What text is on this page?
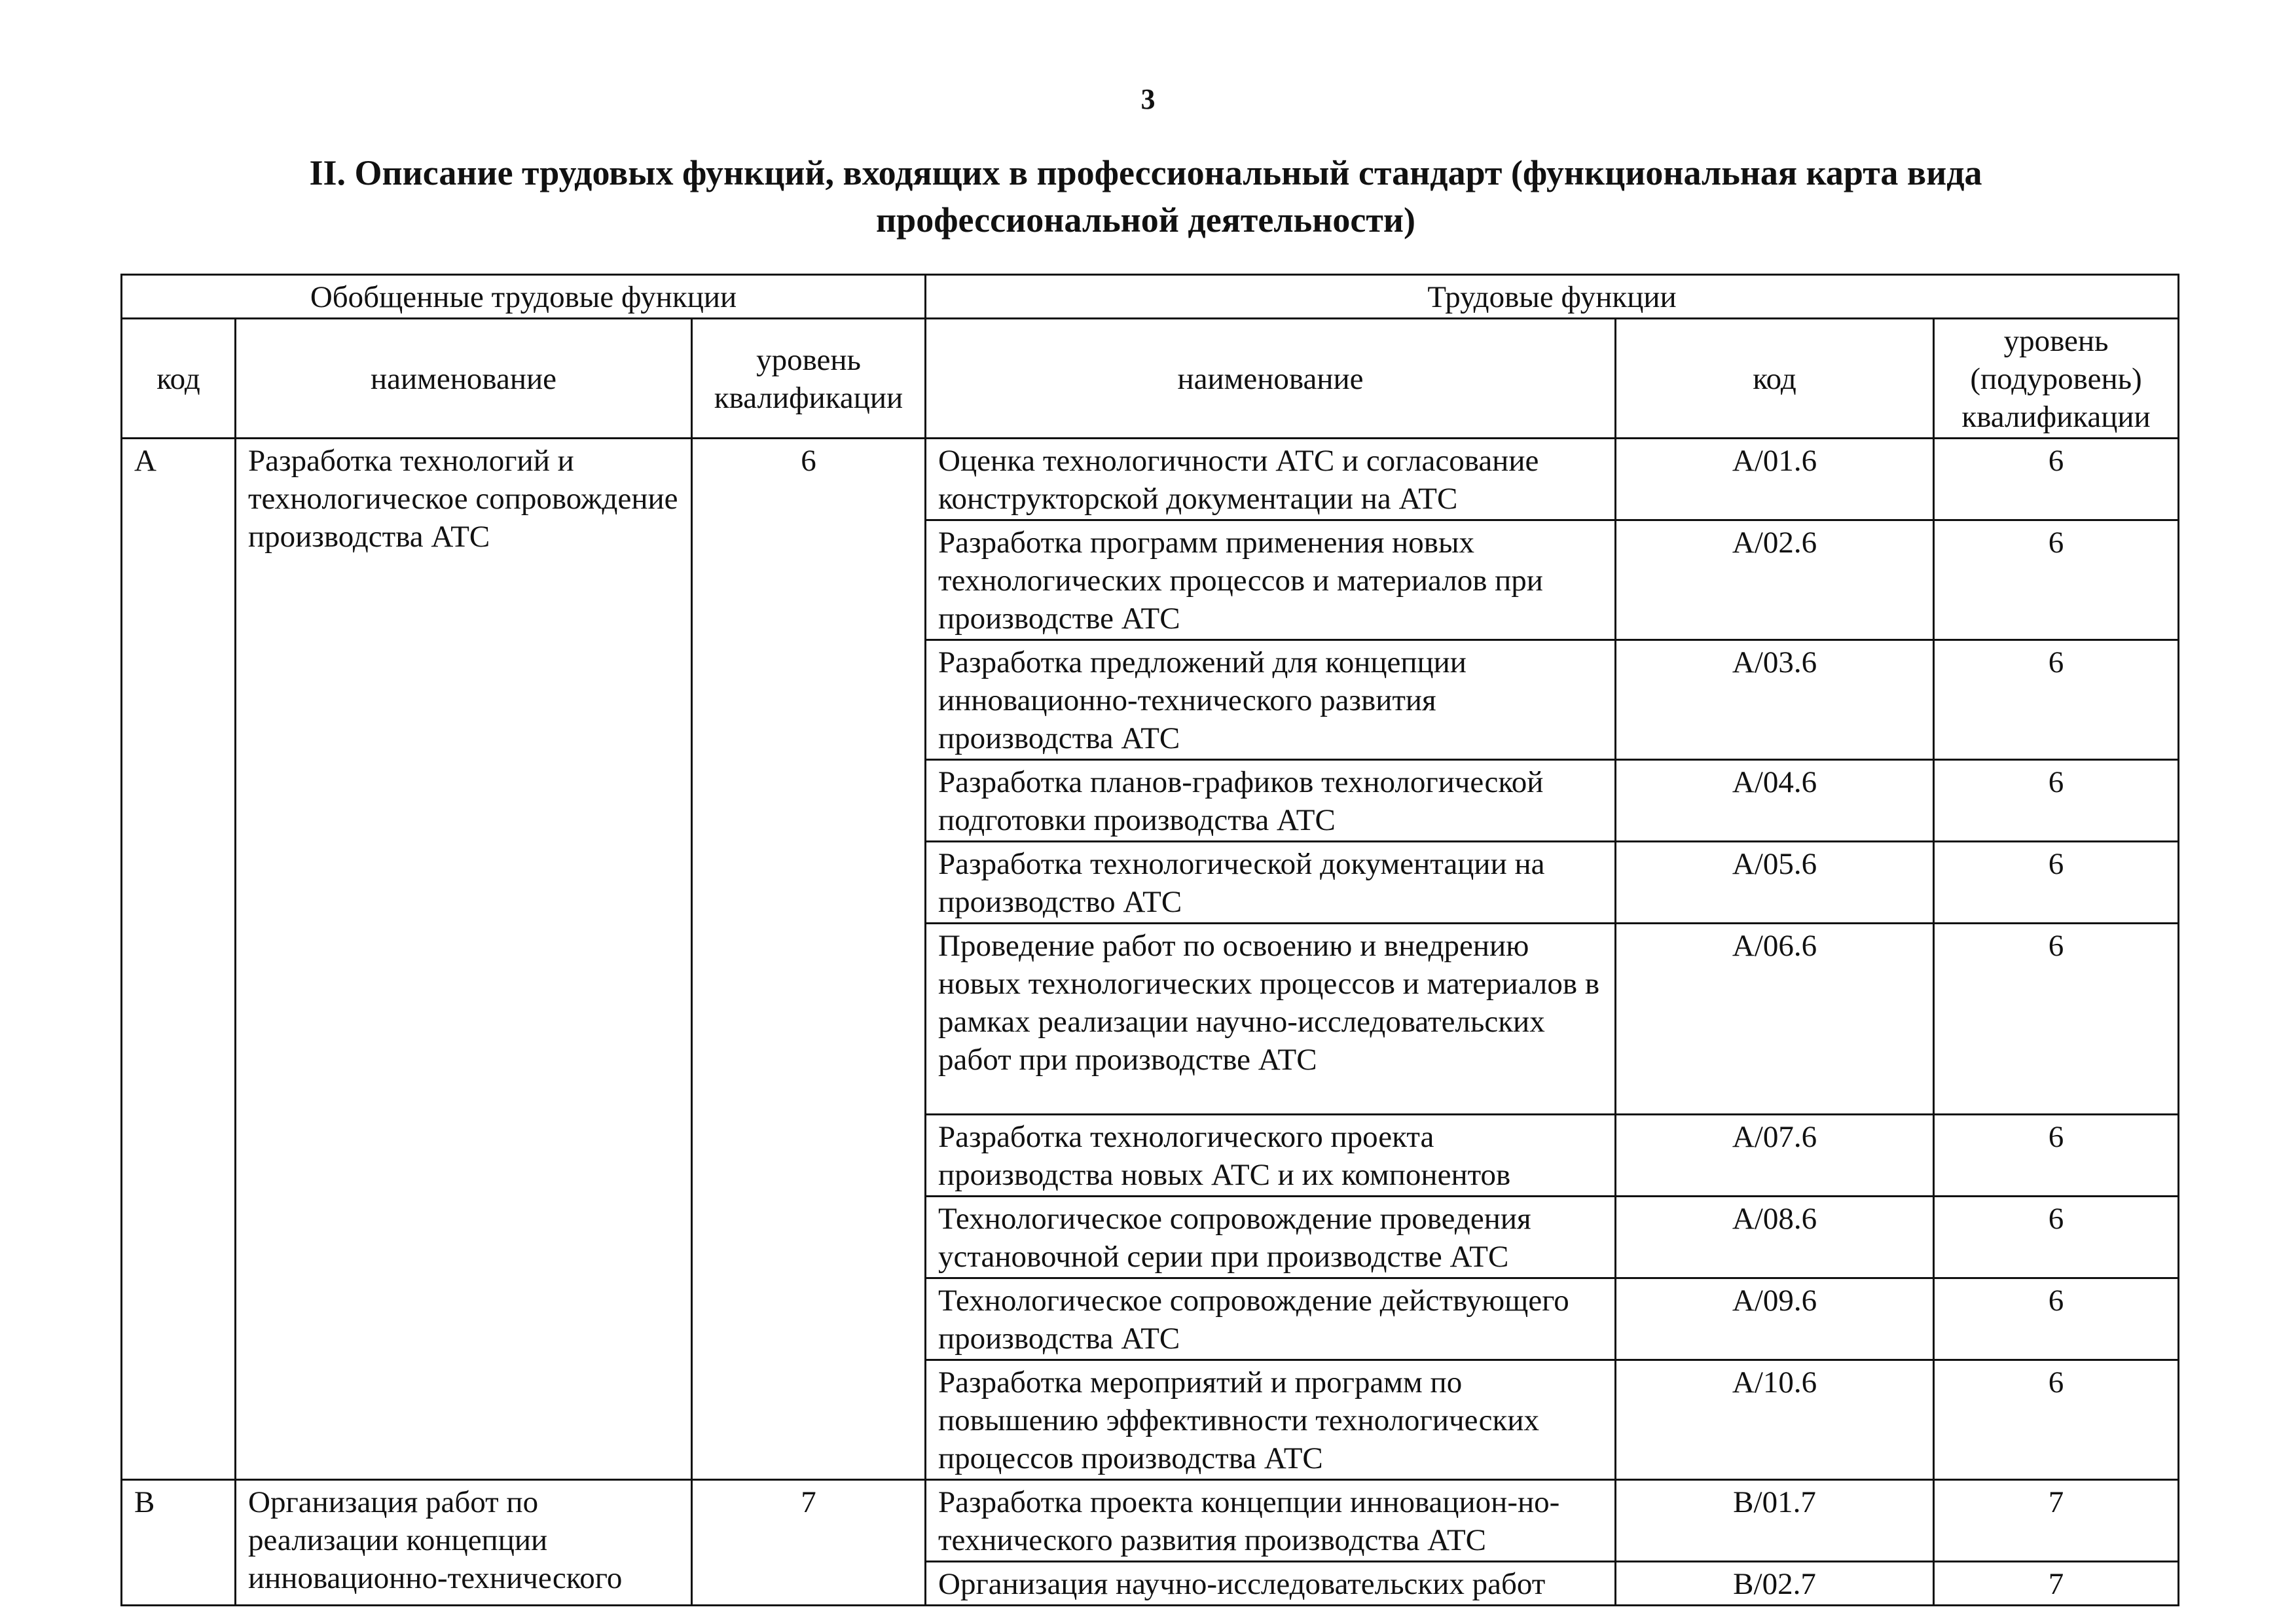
3
II. Описание трудовых функций, входящих в профессиональный стандарт (функциональная карта вида
профессиональной деятельности)
Обобщенные трудовые функции			Трудовые функции		
код	наименование	уровень квалификации	наименование	код	уровень (подуровень) квалификации
A	Разработка технологий и технологическое сопровождение производства АТС	6	Оценка технологичности АТС и согласование конструкторской документации на АТС	A/01.6	6
			Разработка программ применения новых технологических процессов и материалов при производстве АТС	A/02.6	6
			Разработка предложений для концепции инновационно-технического развития производства АТС	A/03.6	6
			Разработка планов-графиков технологической подготовки производства АТС	A/04.6	6
			Разработка технологической документации на производство АТС	A/05.6	6
			Проведение работ по освоению и внедрению новых технологических процессов и материалов в рамках реализации научно-исследовательских работ при производстве АТС	A/06.6	6
			Разработка технологического проекта производства новых АТС и их компонентов	A/07.6	6
			Технологическое сопровождение проведения установочной серии при производстве АТС	A/08.6	6
			Технологическое сопровождение действующего производства АТС	A/09.6	6
			Разработка мероприятий и программ по повышению эффективности технологических процессов производства АТС	A/10.6	6
B	Организация работ по реализации концепции инновационно-технического	7	Разработка проекта концепции инновацион-но-технического развития производства АТС	B/01.7	7
			Организация научно-исследовательских работ	B/02.7	7
